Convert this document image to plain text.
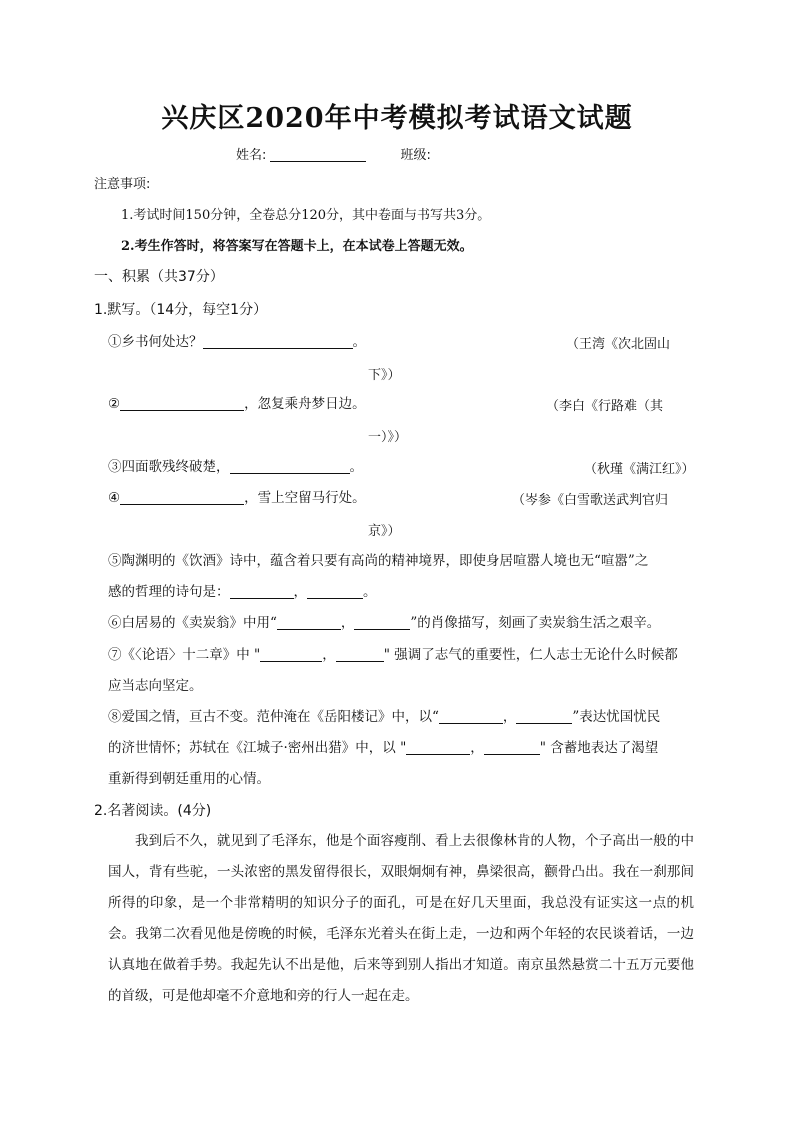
兴庆区2020年中考模拟考试语文试题
姓名:	班级:
注意事项:
1.考试时间150分钟，全卷总分120分，其中卷面与书写共3分。
2.考生作答时，将答案写在答题卡上，在本试卷上答题无效。
一、积累（共37分）
1.默写。（14分，每空1分）
①乡书何处达？	。	（王湾《次北固山
下》）
②	，忽复乘舟梦日边。	（李白《行路难（其
一）》）
③四面歌残终破楚，	。	（秋瑾《满江红》）
④	，雪上空留马行处。	（岑参《白雪歌送武判官归
京》）
⑤陶渊明的《饮酒》诗中，蕴含着只要有高尚的精神境界，即使身居喧嚣人境也无“喧嚣”之
感的哲理的诗句是：	，	。
⑥白居易的《卖炭翁》中用“	，	”的肖像描写，刻画了卖炭翁生活之艰辛。
⑦《〈论语〉十二章》中 "	，	" 强调了志气的重要性，仁人志士无论什么时候都
应当志向坚定。
⑧爱国之情，亘古不变。范仲淹在《岳阳楼记》中，以“	，	”表达忧国忧民
的济世情怀；苏轼在《江城子·密州出猎》中，以 "	，	" 含蓄地表达了渴望
重新得到朝廷重用的心情。
2.名著阅读。(4分)
我到后不久，就见到了毛泽东，他是个面容瘦削、看上去很像林肯的人物，个子高出一般的中国人，背有些驼，一头浓密的黑发留得很长，双眼炯炯有神，鼻梁很高，颧骨凸出。我在一刹那间所得的印象，是一个非常精明的知识分子的面孔，可是在好几天里面，我总没有证实这一点的机会。我第二次看见他是傍晚的时候，毛泽东光着头在街上走，一边和两个年轻的农民谈着话，一边认真地在做着手势。我起先认不出是他，后来等到别人指出才知道。南京虽然悬赏二十五万元要他的首级，可是他却毫不介意地和旁的行人一起在走。
